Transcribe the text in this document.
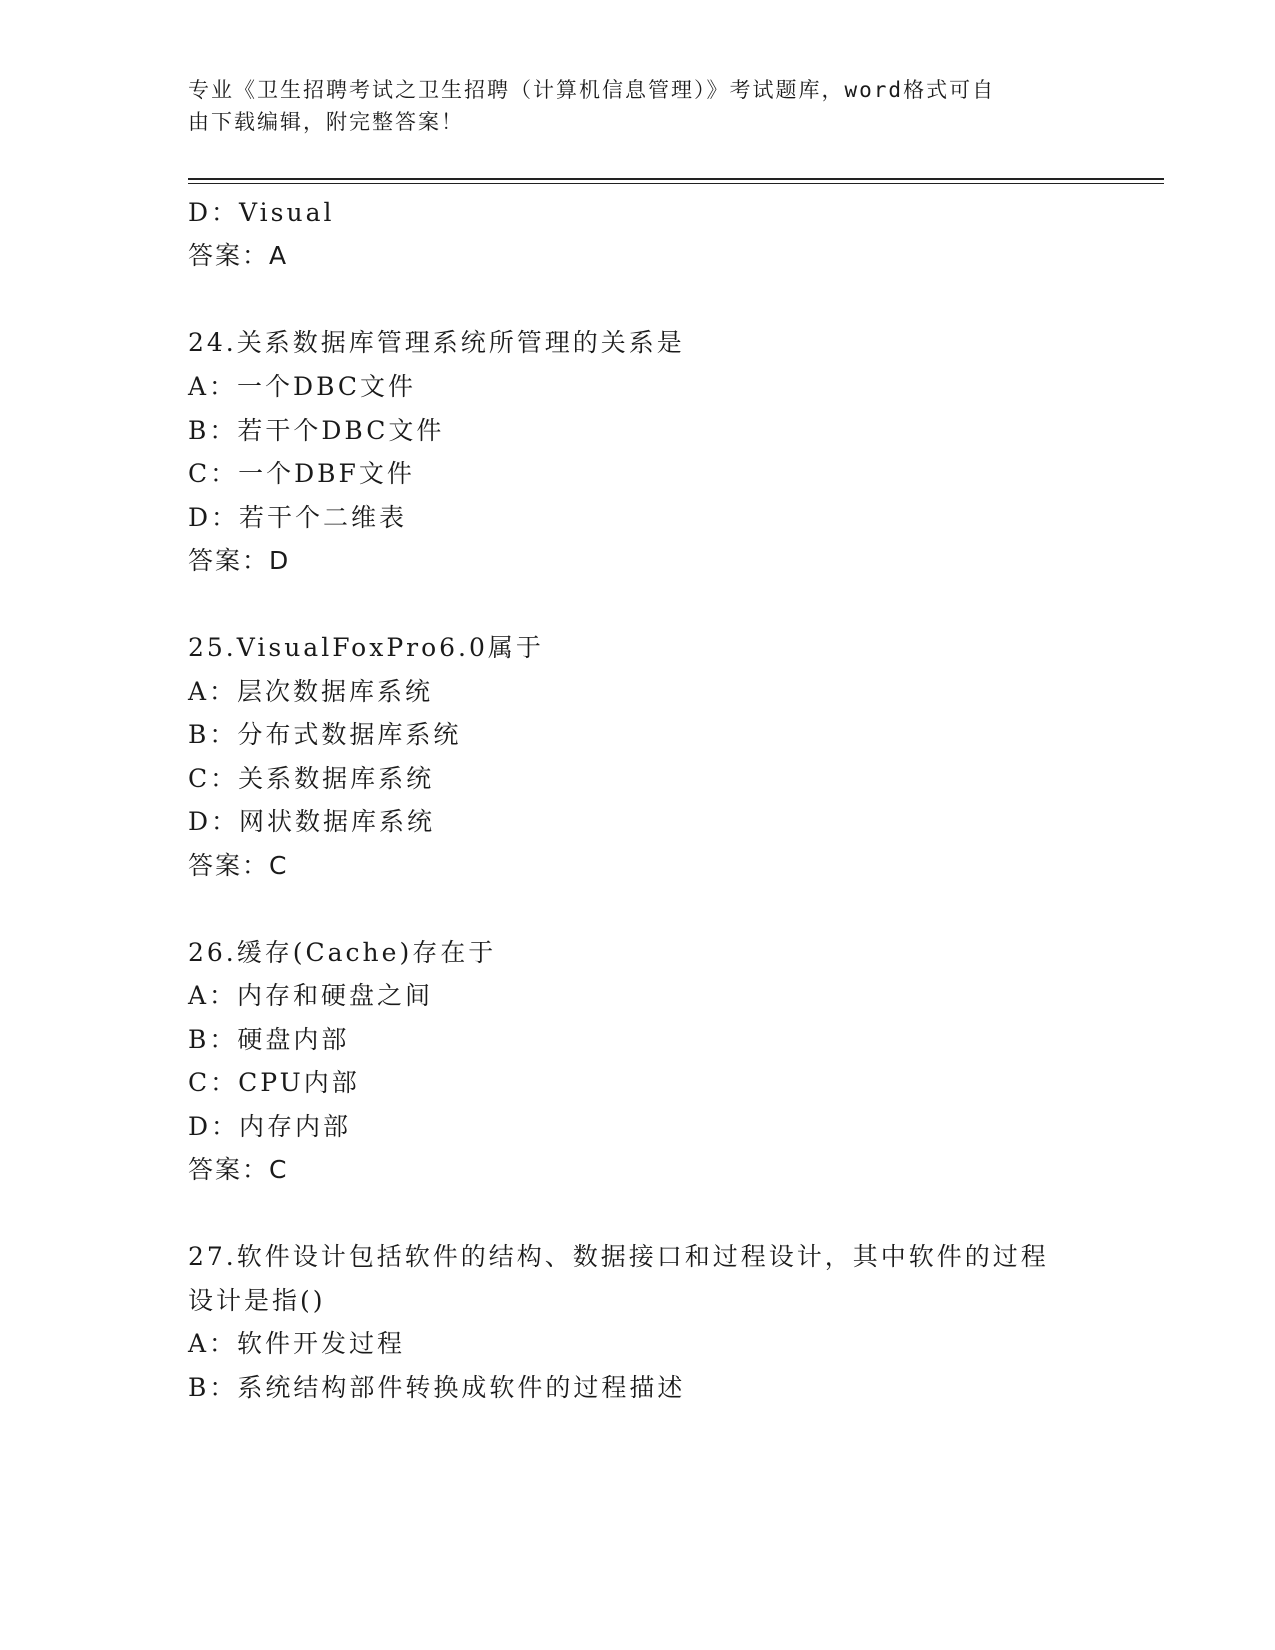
专业《卫生招聘考试之卫生招聘（计算机信息管理）》考试题库，word格式可自
由下载编辑，附完整答案！
D：Visual
答案：A
24.关系数据库管理系统所管理的关系是
A：一个DBC文件
B：若干个DBC文件
C：一个DBF文件
D：若干个二维表
答案：D
25.VisualFoxPro6.0属于
A：层次数据库系统
B：分布式数据库系统
C：关系数据库系统
D：网状数据库系统
答案：C
26.缓存(Cache)存在于
A：内存和硬盘之间
B：硬盘内部
C：CPU内部
D：内存内部
答案：C
27.软件设计包括软件的结构、数据接口和过程设计，其中软件的过程
设计是指()
A：软件开发过程
B：系统结构部件转换成软件的过程描述
